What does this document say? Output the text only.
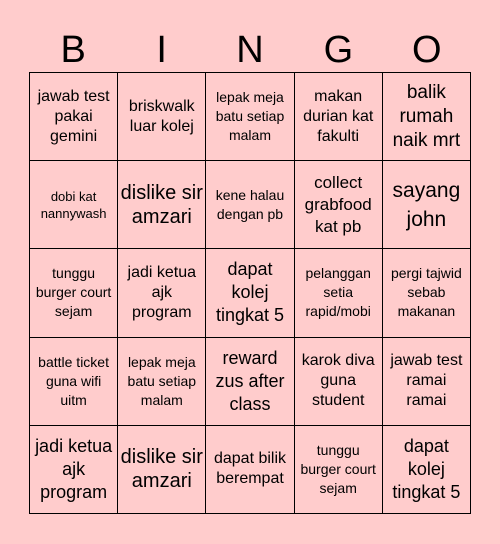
B	I	N	G	O
jawab test pakai gemini
briskwalk luar kolej
lepak meja batu setiap malam
makan durian kat fakulti
balik rumah naik mrt
dobi kat nannywash
dislike sir amzari
kene halau dengan pb
collect grabfood kat pb
sayang john
tunggu burger court sejam
jadi ketua ajk program
dapat kolej tingkat 5
pelanggan setia rapid/mobi
pergi tajwid sebab makanan
battle ticket guna wifi uitm
lepak meja batu setiap malam
reward zus after class
karok diva guna student
jawab test ramai ramai
jadi ketua ajk program
dislike sir amzari
dapat bilik berempat
tunggu burger court sejam
dapat kolej tingkat 5
